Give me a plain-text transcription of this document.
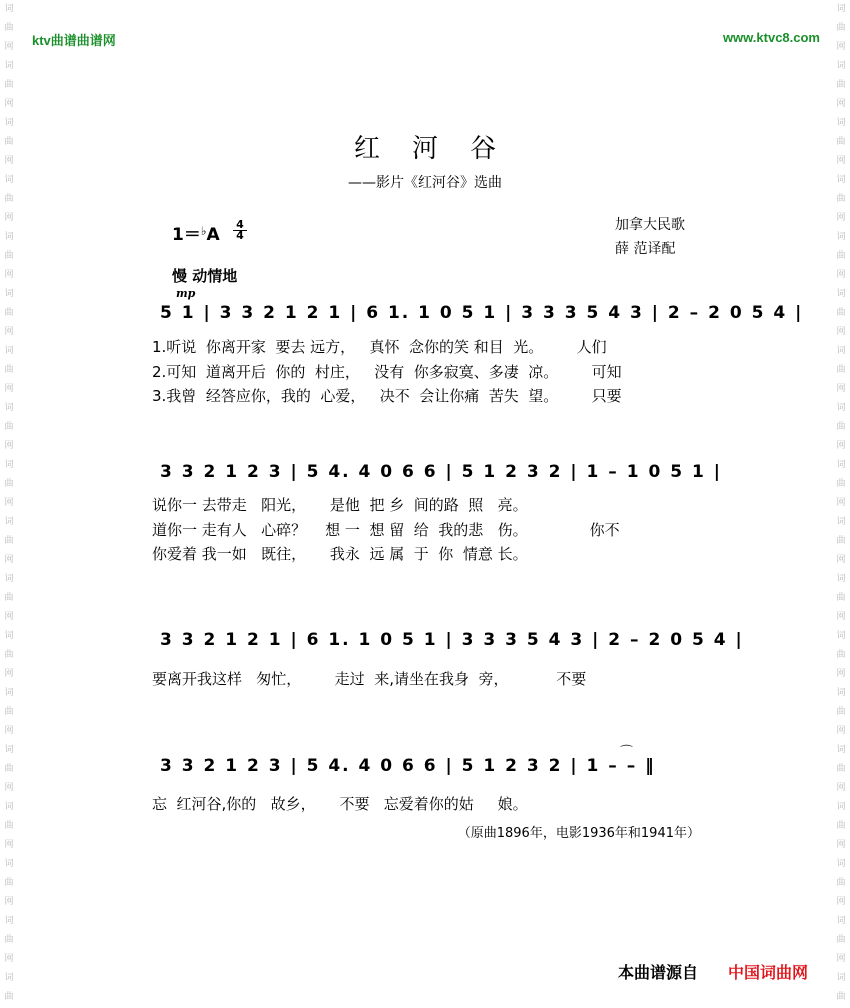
词
曲
网
词
曲
网
词
曲
网
词
曲
网
词
曲
网
词
曲
网
词
曲
网
词
曲
网
词
曲
网
词
曲
网
词
曲
网
词
曲
网
词
曲
网
词
曲
网
词
曲
网
词
曲
网
词
曲
网
词
曲
词
曲
网
词
曲
网
词
曲
网
词
曲
网
词
曲
网
词
曲
网
词
曲
网
词
曲
网
词
曲
网
词
曲
网
词
曲
网
词
曲
网
词
曲
网
词
曲
网
词
曲
网
词
曲
网
词
曲
网
词
曲
ktv曲谱曲谱网	www.ktvc8.com
红河谷
——影片《红河谷》选曲
1＝♭A
4
4
加拿大民歌
薛 范译配
慢 动情地
mp
5 1 | 3 3 2 1 2 1 | 6 1. 1 0 5 1 | 3 3 3 5 4 3 | 2 – 2 0 5 4 |
1.听说  你离开家  要去 远方，   真怀  念你的笑 和目  光。       人们
2.可知  道离开后  你的  村庄，   没有  你多寂寞、多凄  凉。       可知
3.我曾  经答应你，我的  心爱，   决不  会让你痛  苦失  望。       只要
3 3 2 1 2 3 | 5 4. 4 0 6 6 | 5 1 2 3 2 | 1 – 1 0 5 1 |
说你一 去带走   阳光，     是他  把 乡  间的路  照   亮。
道你一 走有人   心碎？    想 一  想 留  给  我的悲   伤。             你不
你爱着 我一如   既往，     我永  远 属  于  你  情意 长。
3 3 2 1 2 1 | 6 1. 1 0 5 1 | 3 3 3 5 4 3 | 2 – 2 0 5 4 |
要离开我这样   匆忙，       走过  来,请坐在我身  旁，          不要
⌒
3 3 2 1 2 3 | 5 4. 4 0 6 6 | 5 1 2 3 2 | 1 – – ‖
忘  红河谷,你的   故乡，     不要   忘爱着你的姑     娘。
（原曲1896年，电影1936年和1941年）
本曲谱源自 中国词曲网
